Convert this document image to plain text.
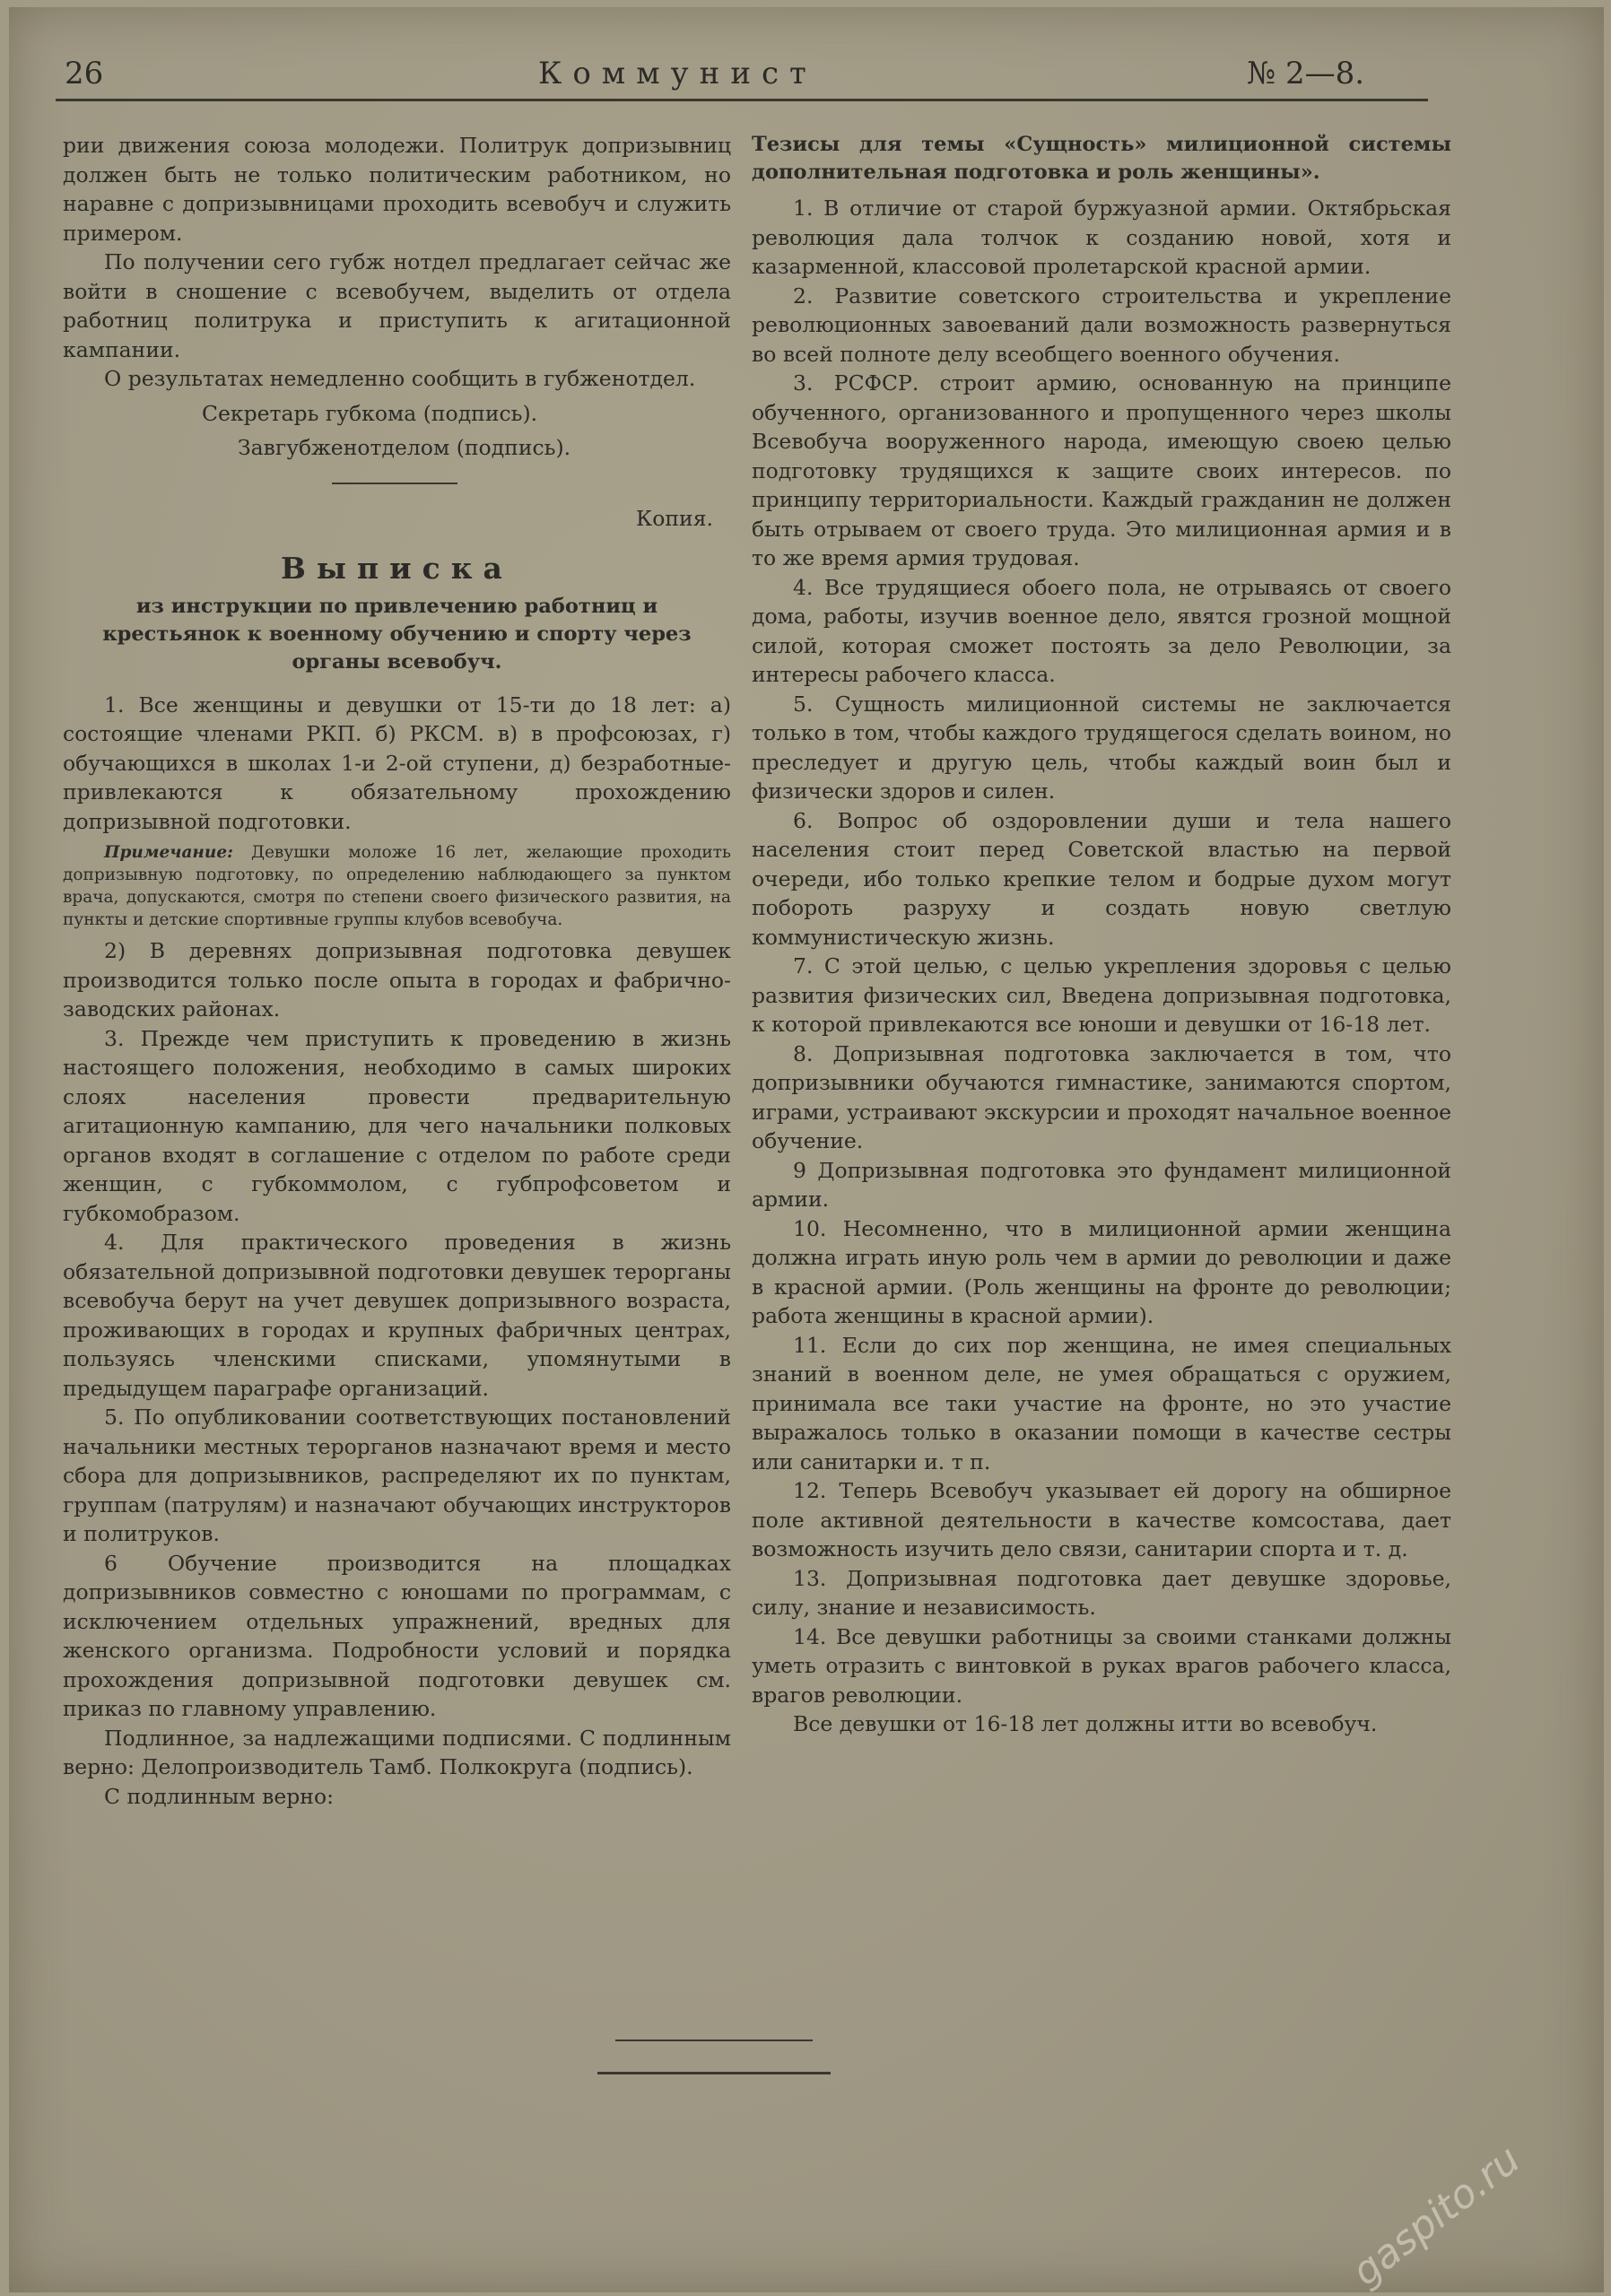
26	Коммунист	№ 2—8.

рии движения союза молодежи. Политрук допризывниц должен быть не только политическим работником, но наравне с допризывницами проходить всевобуч и служить примером.

По получении сего губж нотдел предлагает сейчас же войти в сношение с всевобучем, выделить от отдела работниц политрука и приступить к агитационной кампании.

О результатах немедленно сообщить в губженотдел.

Секретарь губкома (подпись).

Завгубженотделом (подпись).

Копия.

Выписка

из инструкции по привлечению работниц и крестьянок к военному обучению и спорту через органы всевобуч.

1. Все женщины и девушки от 15-ти до 18 лет: а) состоящие членами РКП. б) РКСМ. в) в профсоюзах, г) обучающихся в школах 1-и 2-ой ступени, д) безработные-привлекаются к обязательному прохождению допризывной подготовки.

Примечание: Девушки моложе 16 лет, желающие проходить допризывную подготовку, по определению наблюдающего за пунктом врача, допускаются, смотря по степени своего физического развития, на пункты и детские спортивные группы клубов всевобуча.

2) В деревнях допризывная подготовка девушек производится только после опыта в городах и фабрично-заводских районах.

3. Прежде чем приступить к проведению в жизнь настоящего положения, необходимо в самых широких слоях населения провести предварительную агитационную кампанию, для чего начальники полковых органов входят в соглашение с отделом по работе среди женщин, с губкоммолом, с губпрофсоветом и губкомобразом.

4. Для практического проведения в жизнь обязательной допризывной подготовки девушек терорганы всевобуча берут на учет девушек допризывного возраста, проживающих в городах и крупных фабричных центрах, пользуясь членскими списками, упомянутыми в предыдущем параграфе организаций.

5. По опубликовании соответствующих постановлений начальники местных терорганов назначают время и место сбора для допризывников, распределяют их по пунктам, группам (патрулям) и назначают обучающих инструкторов и политруков.

6 Обучение производится на площадках допризывников совместно с юношами по программам, с исключением отдельных упражнений, вредных для женского организма. Подробности условий и порядка прохождения допризывной подготовки девушек см. приказ по главному управлению.

Подлинное, за надлежащими подписями. С подлинным верно: Делопроизводитель Тамб. Полкокруга (подпись).

С подлинным верно:

Тезисы для темы «Сущность» милиционной системы дополнительная подготовка и роль женщины».

1. В отличие от старой буржуазной армии. Октябрьская революция дала толчок к созданию новой, хотя и казарменной, классовой пролетарской красной армии.

2. Развитие советского строительства и укрепление революционных завоеваний дали возможность развернуться во всей полноте делу всеобщего военного обучения.

3. РСФСР. строит армию, основанную на принципе обученного, организованного и пропущенного через школы Всевобуча вооруженного народа, имеющую своею целью подготовку трудящихся к защите своих интересов. по принципу территориальности. Каждый гражданин не должен быть отрываем от своего труда. Это милиционная армия и в то же время армия трудовая.

4. Все трудящиеся обоего пола, не отрываясь от своего дома, работы, изучив военное дело, явятся грозной мощной силой, которая сможет постоять за дело Революции, за интересы рабочего класса.

5. Сущность милиционной системы не заключается только в том, чтобы каждого трудящегося сделать воином, но преследует и другую цель, чтобы каждый воин был и физически здоров и силен.

6. Вопрос об оздоровлении души и тела нашего населения стоит перед Советской властью на первой очереди, ибо только крепкие телом и бодрые духом могут побороть разруху и создать новую светлую коммунистическую жизнь.

7. С этой целью, с целью укрепления здоровья с целью развития физических сил, Введена допризывная подготовка, к которой привлекаются все юноши и девушки от 16-18 лет.

8. Допризывная подготовка заключается в том, что допризывники обучаются гимнастике, занимаются спортом, играми, устраивают экскурсии и проходят начальное военное обучение.

9 Допризывная подготовка это фундамент милиционной армии.

10. Несомненно, что в милиционной армии женщина должна играть иную роль чем в армии до революции и даже в красной армии. (Роль женщины на фронте до революции; работа женщины в красной армии).

11. Если до сих пор женщина, не имея специальных знаний в военном деле, не умея обращаться с оружием, принимала все таки участие на фронте, но это участие выражалось только в оказании помощи в качестве сестры или санитарки и. т п.

12. Теперь Всевобуч указывает ей дорогу на обширное поле активной деятельности в качестве комсостава, дает возможность изучить дело связи, санитарии спорта и т. д.

13. Допризывная подготовка дает девушке здоровье, силу, знание и независимость.

14. Все девушки работницы за своими станками должны уметь отразить с винтовкой в руках врагов рабочего класса, врагов революции.

Все девушки от 16-18 лет должны итти во всевобуч.

gaspito.ru
